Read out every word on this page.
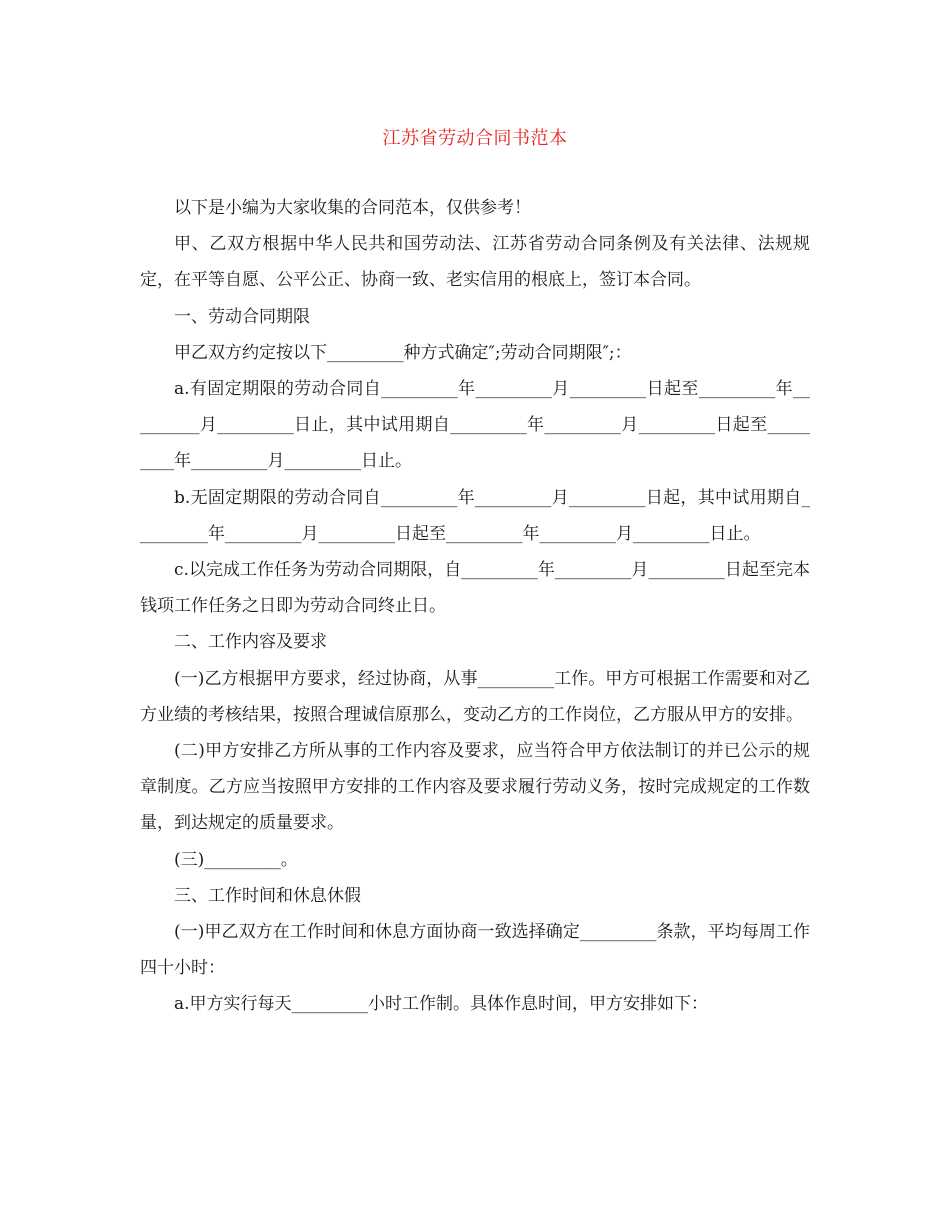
江苏省劳动合同书范本

以下是小编为大家收集的合同范本，仅供参考！

甲、乙双方根据中华人民共和国劳动法、江苏省劳动合同条例及有关法律、法规规定，在平等自愿、公平公正、协商一致、老实信用的根底上，签订本合同。

一、劳动合同期限

甲乙双方约定按以下_________种方式确定″;劳动合同期限″;：

a.有固定期限的劳动合同自_________年_________月_________日起至_________年_________月_________日止，其中试用期自_________年_________月_________日起至_________年_________月_________日止。

b.无固定期限的劳动合同自_________年_________月_________日起，其中试用期自_________年_________月_________日起至_________年_________月_________日止。

c.以完成工作任务为劳动合同期限，自_________年_________月_________日起至完本钱项工作任务之日即为劳动合同终止日。

二、工作内容及要求

(一)乙方根据甲方要求，经过协商，从事_________工作。甲方可根据工作需要和对乙方业绩的考核结果，按照合理诚信原那么，变动乙方的工作岗位，乙方服从甲方的安排。

(二)甲方安排乙方所从事的工作内容及要求，应当符合甲方依法制订的并已公示的规章制度。乙方应当按照甲方安排的工作内容及要求履行劳动义务，按时完成规定的工作数量，到达规定的质量要求。

(三)_________。

三、工作时间和休息休假

(一)甲乙双方在工作时间和休息方面协商一致选择确定_________条款，平均每周工作四十小时：

a.甲方实行每天_________小时工作制。具体作息时间，甲方安排如下：
